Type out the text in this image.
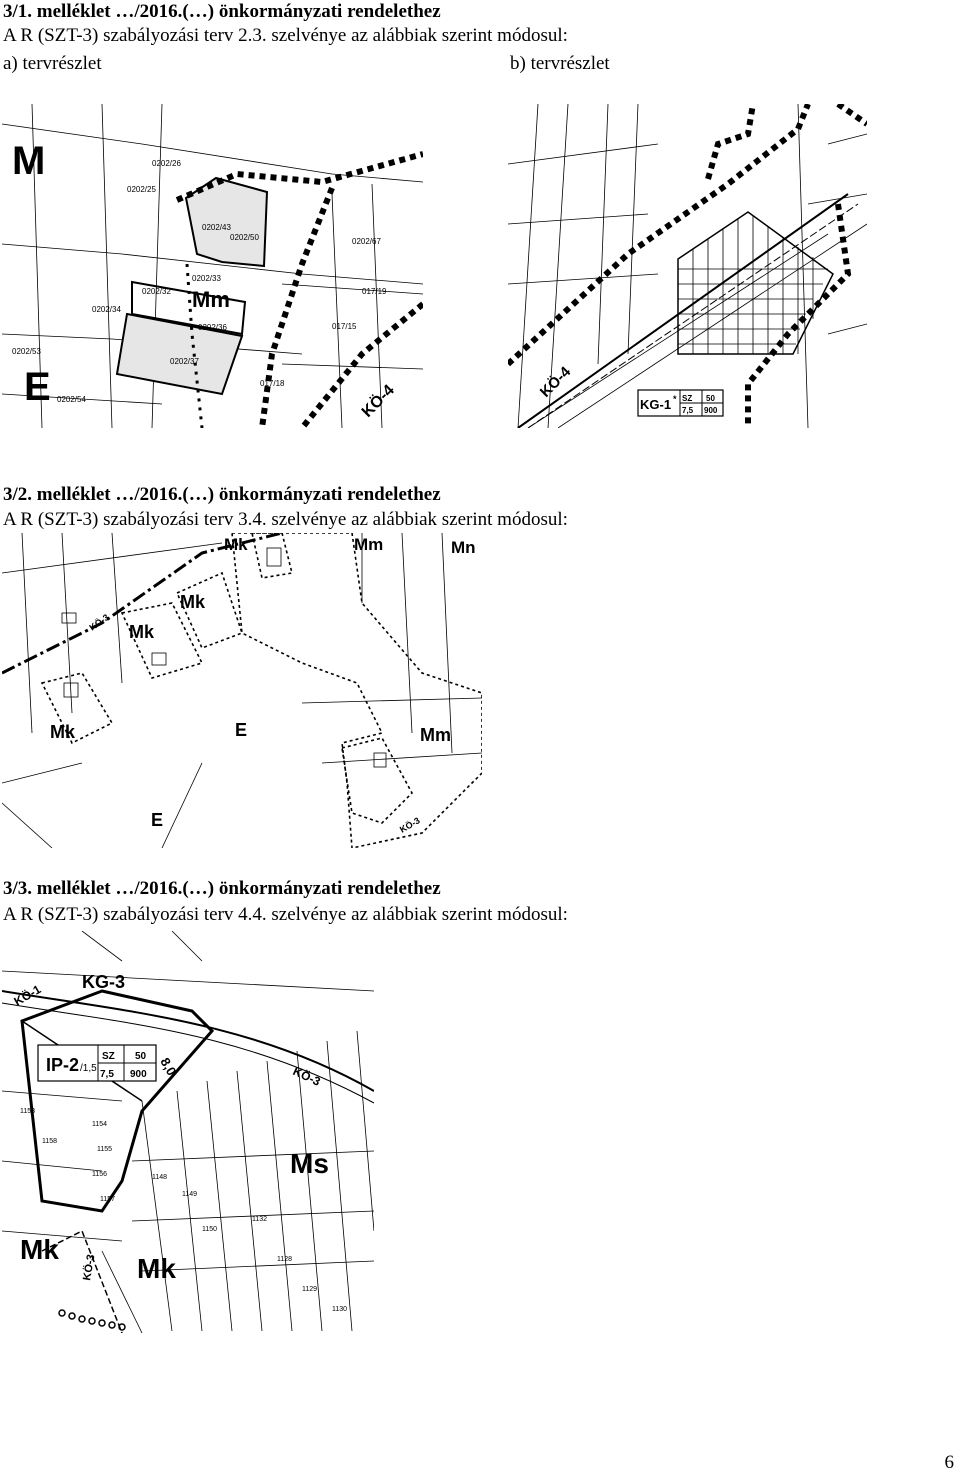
3/1. melléklet …/2016.(…) önkormányzati rendelethez
A R (SZT-3) szabályozási terv 2.3. szelvénye az alábbiak szerint módosul:
a) tervrészlet	b) tervrészlet
M
Mm
E	KÖ-4
0202/26
0202/25
0202/43
0202/50
0202/33
0202/32
0202/34
0202/36
0202/37
0202/54
0202/53
0202/67
017/18
017/15
017/19
KÖ-4
KG-1 * SZ 50
7,5 900
3/2. melléklet …/2016.(…) önkormányzati rendelethez
A R (SZT-3) szabályozási terv 3.4. szelvénye az alábbiak szerint módosul:
Mk	Mm	Mn
Mk
Mk
Mk	E	Mm
E
KÖ-3
KÖ-3
3/3. melléklet …/2016.(…) önkormányzati rendelethez
A R (SZT-3) szabályozási terv 4.4. szelvénye az alábbiak szerint módosul:
KG-3
Ms
Mk
Mk
KÖ-1
KÖ-3
KÖ-3
IP-2 /1,5
SZ 50
7,5 900 8,0
1153
1158
1154
1155
1156
1157
1148
1149
1150
1132
1128
1129
1130
6
